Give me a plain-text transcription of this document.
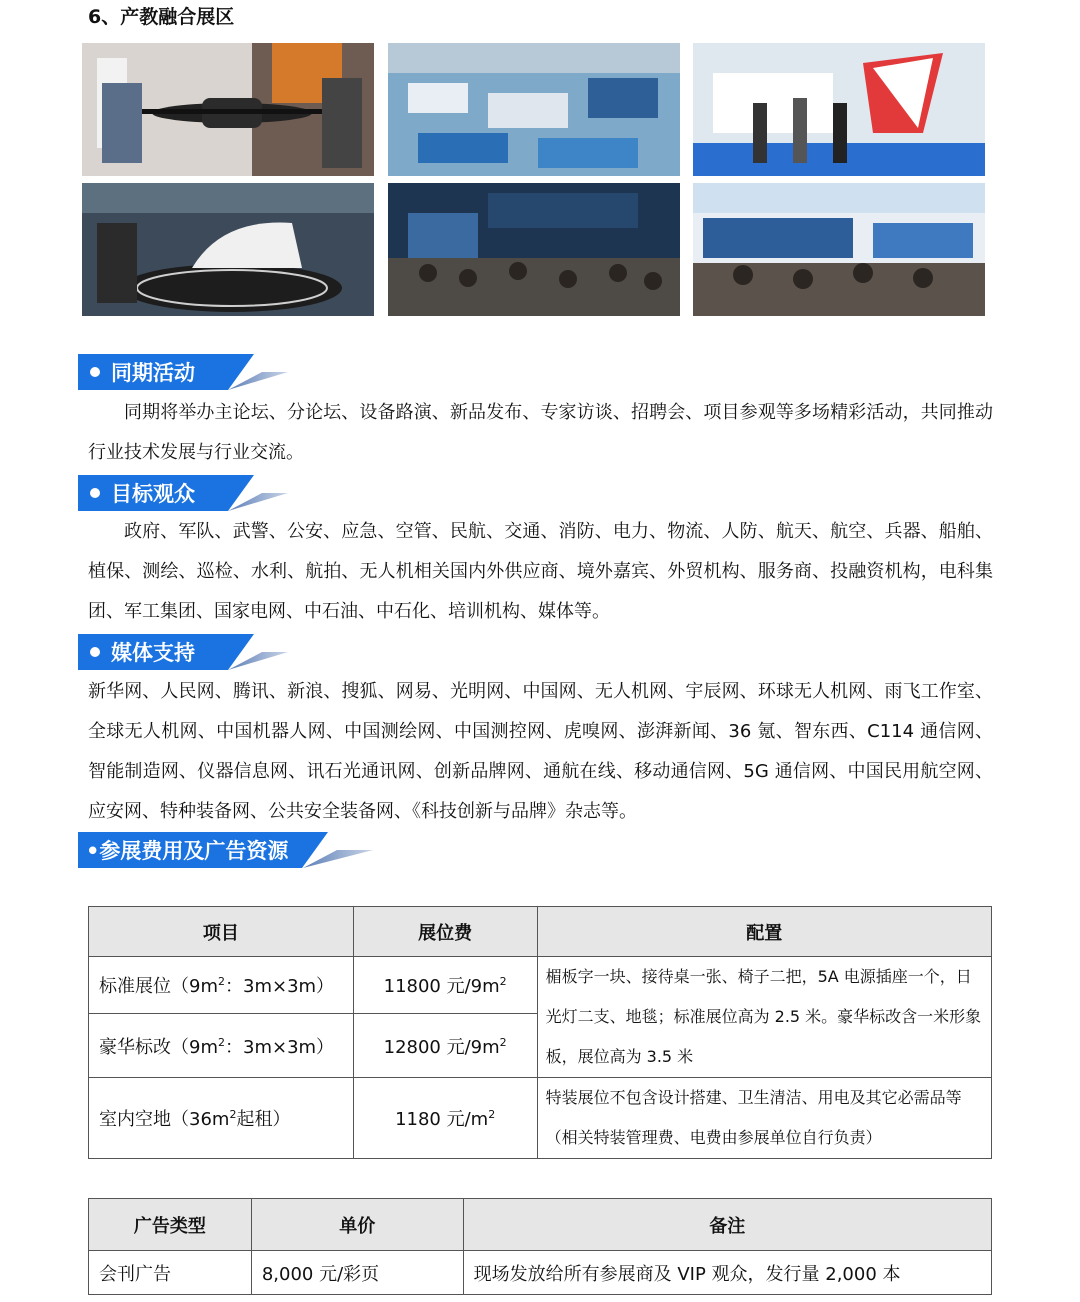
6、产教融合展区
同期活动
同期将举办主论坛、分论坛、设备路演、新品发布、专家访谈、招聘会、项目参观等多场精彩活动，共同推动行业技术发展与行业交流。
目标观众
政府、军队、武警、公安、应急、空管、民航、交通、消防、电力、物流、人防、航天、航空、兵器、船舶、植保、测绘、巡检、水利、航拍、无人机相关国内外供应商、境外嘉宾、外贸机构、服务商、投融资机构，电科集团、军工集团、国家电网、中石油、中石化、培训机构、媒体等。
媒体支持
新华网、人民网、腾讯、新浪、搜狐、网易、光明网、中国网、无人机网、宇辰网、环球无人机网、雨飞工作室、全球无人机网、中国机器人网、中国测绘网、中国测控网、虎嗅网、澎湃新闻、36 氪、智东西、C114 通信网、智能制造网、仪器信息网、讯石光通讯网、创新品牌网、通航在线、移动通信网、5G 通信网、中国民用航空网、应安网、特种装备网、公共安全装备网、《科技创新与品牌》杂志等。
•参展费用及广告资源
项目	展位费	配置
标准展位（$9m^2$：3m×3m）	11800 元$/9m^2$	楣板字一块、接待桌一张、椅子二把，5A 电源插座一个，日光灯二支、地毯；标准展位高为 2.5 米。豪华标改含一米形象板，展位高为 3.5 米
豪华标改（$9m^2$：3m×3m）	12800 元$/9m^2$
室内空地（$36m^2$起租）	1180 元$/m^2$	特装展位不包含设计搭建、卫生清洁、用电及其它必需品等（相关特装管理费、电费由参展单位自行负责）
广告类型	单价	备注
会刊广告	8,000 元/彩页	现场发放给所有参展商及 VIP 观众，发行量 2,000 本
